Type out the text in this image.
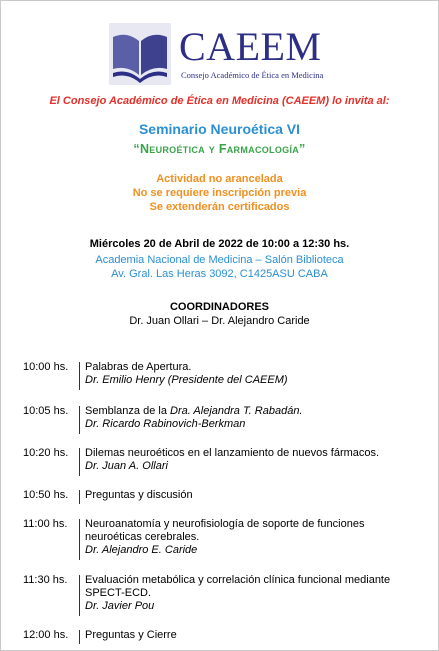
CAEEM
Consejo Académico de Ética en Medicina
El Consejo Académico de Ética en Medicina (CAEEM) lo invita al:
Seminario Neuroética VI
“Neuroética y Farmacología”
Actividad no arancelada
No se requiere inscripción previa
Se extenderán certificados
Miércoles 20 de Abril de 2022 de 10:00 a 12:30 hs.
Academia Nacional de Medicina – Salón Biblioteca
Av. Gral. Las Heras 3092, C1425ASU CABA
COORDINADORES
Dr. Juan Ollari – Dr. Alejandro Caride
10:00 hs.	Palabras de Apertura.
Dr. Emilio Henry (Presidente del CAEEM)
10:05 hs.	Semblanza de la Dra. Alejandra T. Rabadán.
Dr. Ricardo Rabinovich-Berkman
10:20 hs.	Dilemas neuroéticos en el lanzamiento de nuevos fármacos.
Dr. Juan A. Ollari
10:50 hs.	Preguntas y discusión
11:00 hs.	Neuroanatomía y neurofisiología de soporte de funciones
neuroéticas cerebrales.
Dr. Alejandro E. Caride
11:30 hs.	Evaluación metabólica y correlación clínica funcional mediante
SPECT-ECD.
Dr. Javier Pou
12:00 hs.	Preguntas y Cierre
